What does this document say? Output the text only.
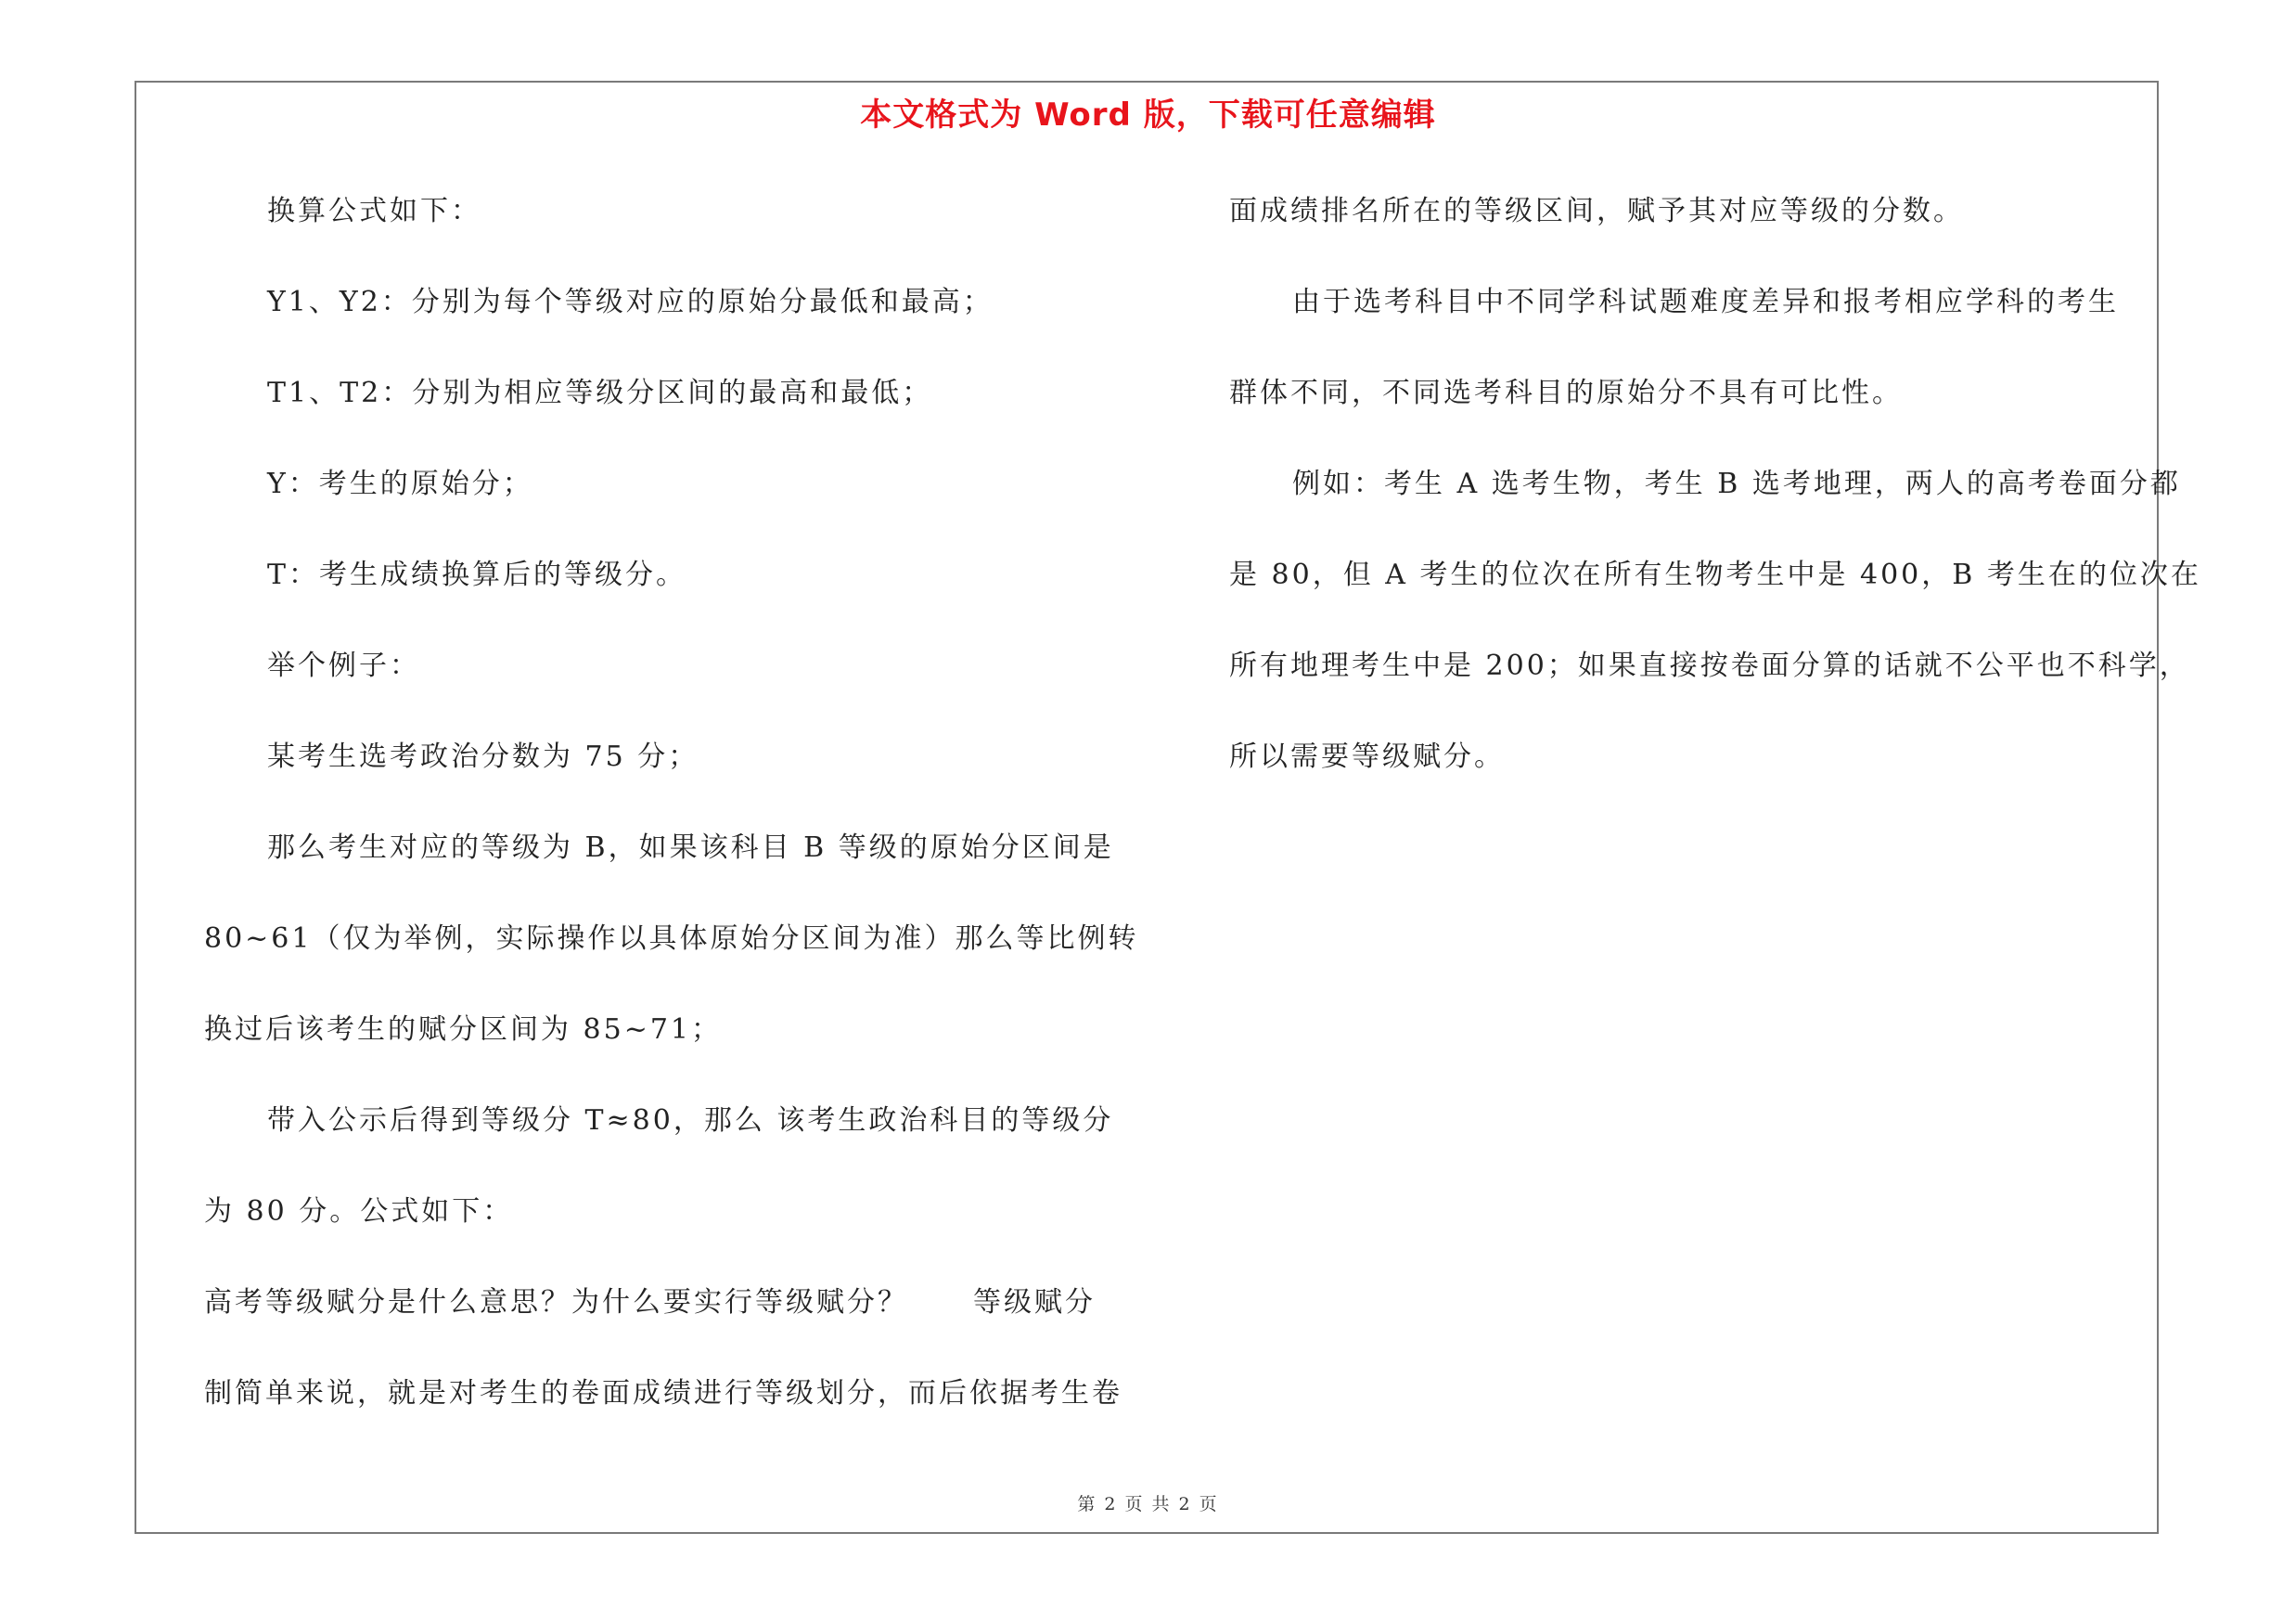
本文格式为 Word 版，下载可任意编辑
换算公式如下：
Y1、Y2：分别为每个等级对应的原始分最低和最高；
T1、T2：分别为相应等级分区间的最高和最低；
Y：考生的原始分；
T：考生成绩换算后的等级分。
举个例子：
某考生选考政治分数为 75 分；
那么考生对应的等级为 B，如果该科目 B 等级的原始分区间是
80~61（仅为举例，实际操作以具体原始分区间为准）那么等比例转
换过后该考生的赋分区间为 85~71；
带入公示后得到等级分 T≈80，那么 该考生政治科目的等级分
为 80 分。公式如下：
高考等级赋分是什么意思？为什么要实行等级赋分？ 等级赋分
制简单来说，就是对考生的卷面成绩进行等级划分，而后依据考生卷
面成绩排名所在的等级区间，赋予其对应等级的分数。
由于选考科目中不同学科试题难度差异和报考相应学科的考生
群体不同，不同选考科目的原始分不具有可比性。
例如：考生 A 选考生物，考生 B 选考地理，两人的高考卷面分都
是 80，但 A 考生的位次在所有生物考生中是 400，B 考生在的位次在
所有地理考生中是 200；如果直接按卷面分算的话就不公平也不科学，
所以需要等级赋分。
第 2 页 共 2 页
